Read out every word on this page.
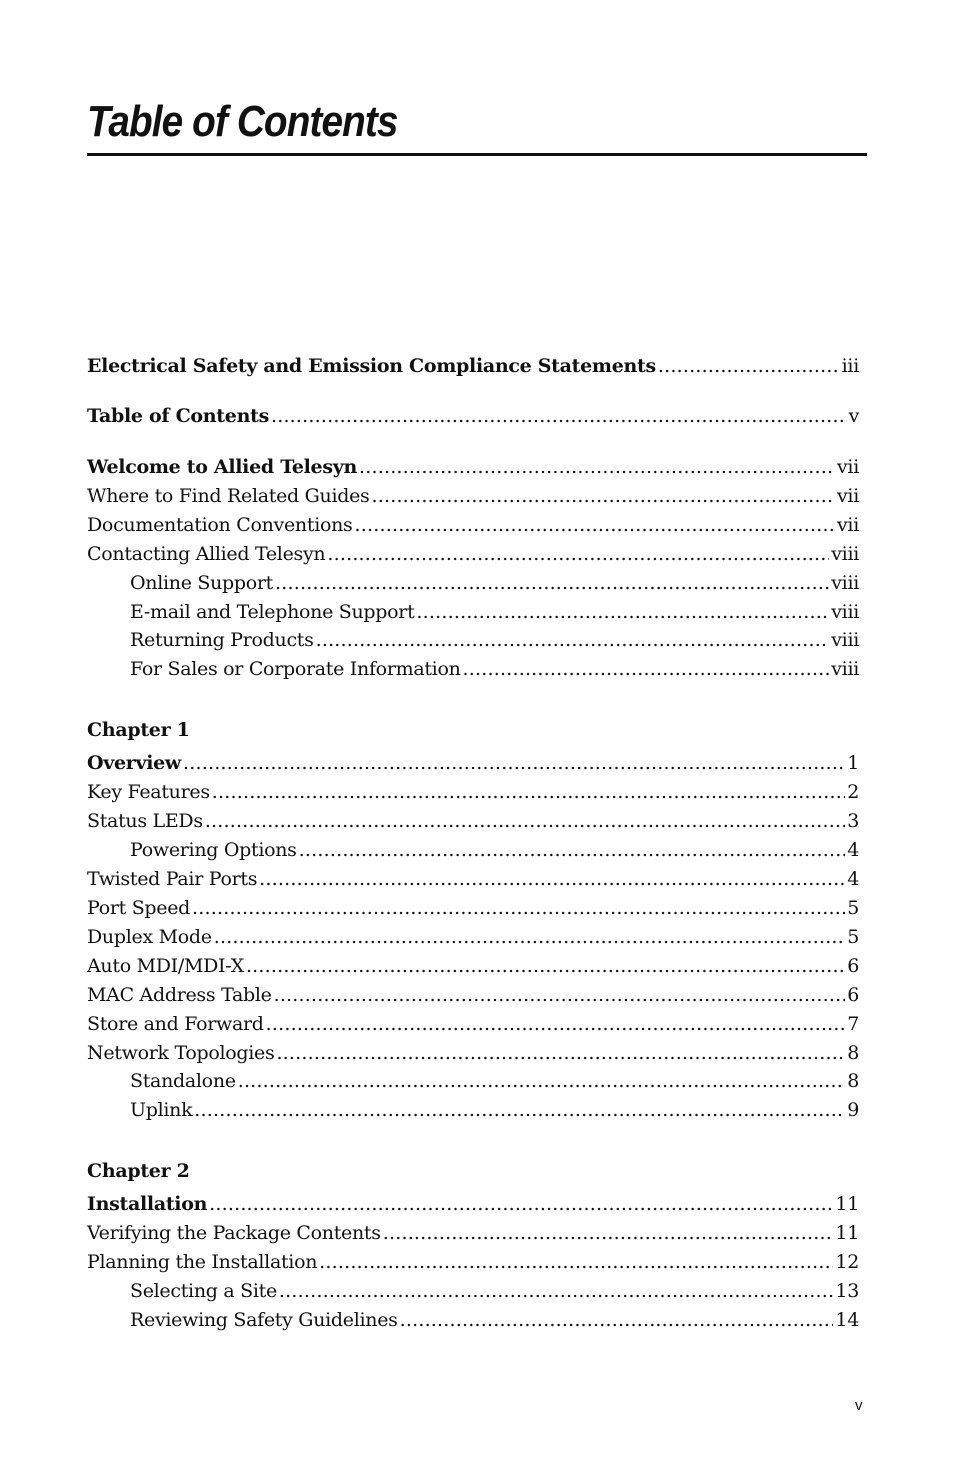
Table of Contents
Electrical Safety and Emission Compliance Statements .....	iii
Table of Contents .....	v
Welcome to Allied Telesyn .....	vii
Where to Find Related Guides .....	vii
Documentation Conventions .....	vii
Contacting Allied Telesyn .....	viii
Online Support .....	viii
E-mail and Telephone Support .....	viii
Returning Products .....	viii
For Sales or Corporate Information .....	viii
Chapter 1
Overview .....	1
Key Features .....	2
Status LEDs .....	3
Powering Options .....	4
Twisted Pair Ports .....	4
Port Speed .....	5
Duplex Mode .....	5
Auto MDI/MDI-X .....	6
MAC Address Table .....	6
Store and Forward .....	7
Network Topologies .....	8
Standalone .....	8
Uplink .....	9
Chapter 2
Installation .....	11
Verifying the Package Contents .....	11
Planning the Installation .....	12
Selecting a Site .....	13
Reviewing Safety Guidelines .....	14
v
